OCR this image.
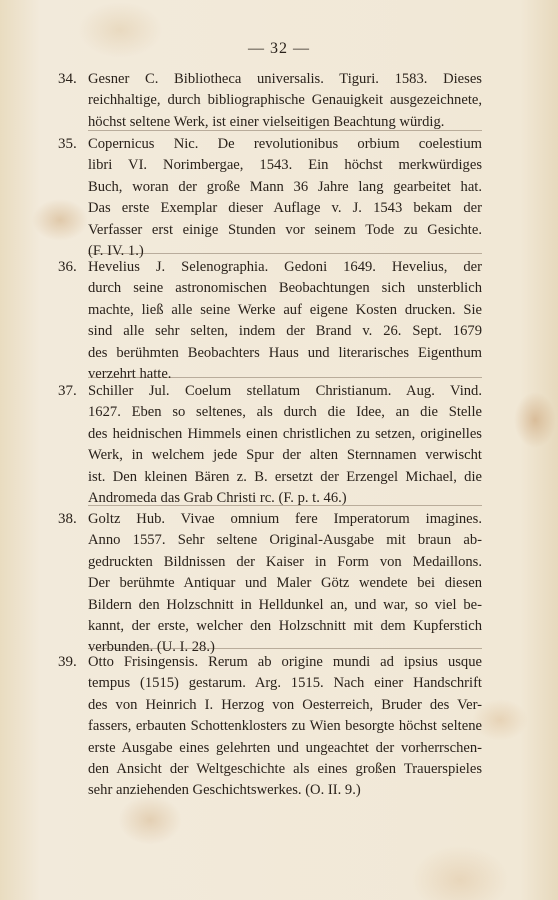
— 32 —
34. Gesner C. Bibliotheca universalis. Tiguri. 1583. Dieses
reichhaltige, durch bibliographische Genauigkeit ausgezeichnete,
höchst seltene Werk, ist einer vielseitigen Beachtung würdig.
35. Copernicus Nic. De revolutionibus orbium coelestium
libri VI. Norimbergae, 1543. Ein höchst merkwürdiges
Buch, woran der große Mann 36 Jahre lang gearbeitet hat.
Das erste Exemplar dieser Auflage v. J. 1543 bekam der
Verfasser erst einige Stunden vor seinem Tode zu Gesichte.
(F. IV. 1.)
36. Hevelius J. Selenographia. Gedoni 1649. Hevelius, der
durch seine astronomischen Beobachtungen sich unsterblich
machte, ließ alle seine Werke auf eigene Kosten drucken. Sie
sind alle sehr selten, indem der Brand v. 26. Sept. 1679
des berühmten Beobachters Haus und literarisches Eigenthum
verzehrt hatte.
37. Schiller Jul. Coelum stellatum Christianum. Aug. Vind.
1627. Eben so seltenes, als durch die Idee, an die Stelle
des heidnischen Himmels einen christlichen zu setzen, originelles
Werk, in welchem jede Spur der alten Sternnamen verwischt
ist. Den kleinen Bären z. B. ersetzt der Erzengel Michael, die
Andromeda das Grab Christi rc. (F. p. t. 46.)
38. Goltz Hub. Vivae omnium fere Imperatorum imagines.
Anno 1557. Sehr seltene Original-Ausgabe mit braun ab-
gedruckten Bildnissen der Kaiser in Form von Medaillons.
Der berühmte Antiquar und Maler Götz wendete bei diesen
Bildern den Holzschnitt in Helldunkel an, und war, so viel be-
kannt, der erste, welcher den Holzschnitt mit dem Kupferstich
verbunden. (U. I. 28.)
39. Otto Frisingensis. Rerum ab origine mundi ad ipsius usque
tempus (1515) gestarum. Arg. 1515. Nach einer Handschrift
des von Heinrich I. Herzog von Oesterreich, Bruder des Ver-
fassers, erbauten Schottenklosters zu Wien besorgte höchst seltene
erste Ausgabe eines gelehrten und ungeachtet der vorherrschen-
den Ansicht der Weltgeschichte als eines großen Trauerspieles
sehr anziehenden Geschichtswerkes. (O. II. 9.)
